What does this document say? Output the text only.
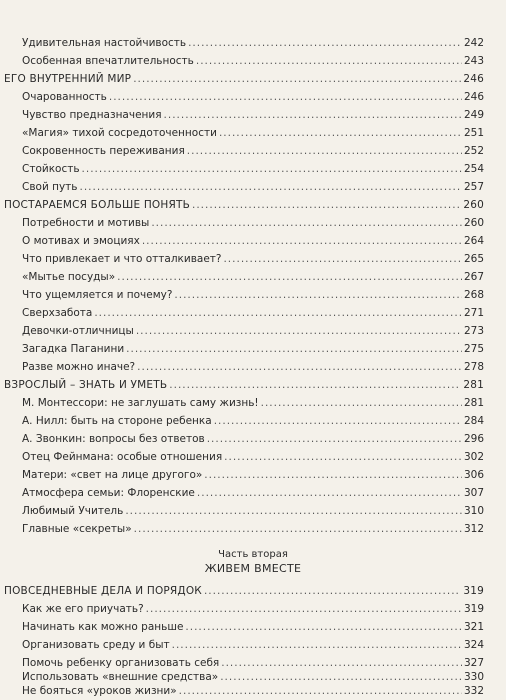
Удивительная настойчивость .....	242
Особенная впечатлительность .....	243
ЕГО ВНУТРЕННИЙ МИР .....	246
Очарованность .....	246
Чувство предназначения .....	249
«Магия» тихой сосредоточенности .....	251
Сокровенность переживания .....	252
Стойкость .....	254
Свой путь .....	257
ПОСТАРАЕМСЯ БОЛЬШЕ ПОНЯТЬ .....	260
Потребности и мотивы .....	260
О мотивах и эмоциях .....	264
Что привлекает и что отталкивает? .....	265
«Мытье посуды» .....	267
Что ущемляется и почему? .....	268
Сверхзабота .....	271
Девочки-отличницы .....	273
Загадка Паганини .....	275
Разве можно иначе? .....	278
ВЗРОСЛЫЙ – ЗНАТЬ И УМЕТЬ .....	281
М. Монтессори: не заглушать саму жизнь! .....	281
А. Нилл: быть на стороне ребенка .....	284
А. Звонкин: вопросы без ответов .....	296
Отец Фейнмана: особые отношения .....	302
Матери: «свет на лице другого» .....	306
Атмосфера семьи: Флоренские .....	307
Любимый Учитель .....	310
Главные «секреты» .....	312
Часть вторая
ЖИВЕМ ВМЕСТЕ
ПОВСЕДНЕВНЫЕ ДЕЛА И ПОРЯДОК .....	319
Как же его приучать? .....	319
Начинать как можно раньше .....	321
Организовать среду и быт .....	324
Помочь ребенку организовать себя .....	327
Использовать «внешние средства» .....	330
Не бояться «уроков жизни» .....	332
